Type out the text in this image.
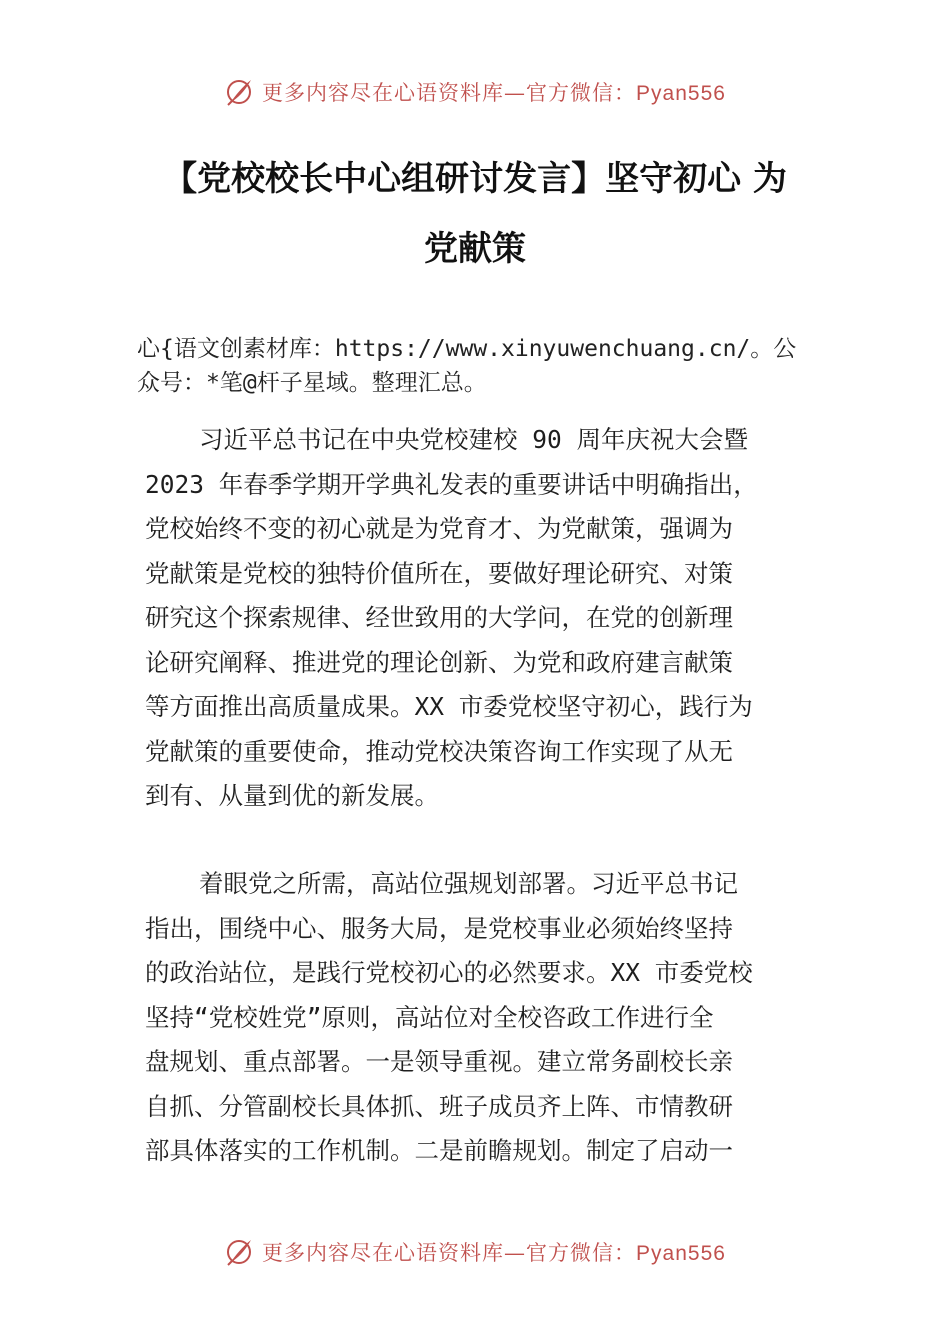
更多内容尽在心语资料库—官方微信：Pyan556
【党校校长中心组研讨发言】坚守初心 为
党献策
心{语文创素材库：https://www.xinyuwenchuang.cn/。公
众号：*笔@杆子星域。整理汇总。
习近平总书记在中央党校建校 90 周年庆祝大会暨
2023 年春季学期开学典礼发表的重要讲话中明确指出，
党校始终不变的初心就是为党育才、为党献策，强调为
党献策是党校的独特价值所在，要做好理论研究、对策
研究这个探索规律、经世致用的大学问，在党的创新理
论研究阐释、推进党的理论创新、为党和政府建言献策
等方面推出高质量成果。XX 市委党校坚守初心，践行为
党献策的重要使命，推动党校决策咨询工作实现了从无
到有、从量到优的新发展。
着眼党之所需，高站位强规划部署。习近平总书记
指出，围绕中心、服务大局，是党校事业必须始终坚持
的政治站位，是践行党校初心的必然要求。XX 市委党校
坚持“党校姓党”原则，高站位对全校咨政工作进行全
盘规划、重点部署。一是领导重视。建立常务副校长亲
自抓、分管副校长具体抓、班子成员齐上阵、市情教研
部具体落实的工作机制。二是前瞻规划。制定了启动一
更多内容尽在心语资料库—官方微信：Pyan556
